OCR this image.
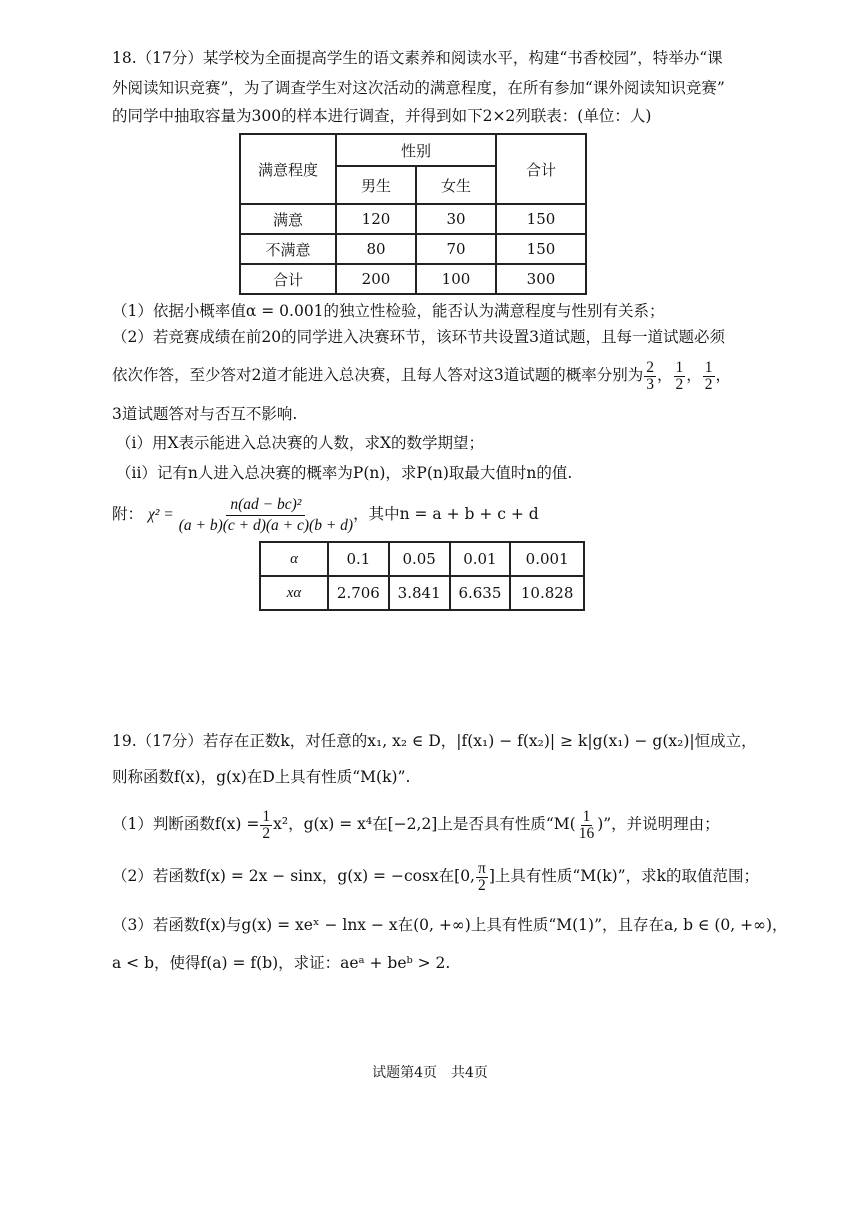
18.（17分）某学校为全面提高学生的语文素养和阅读水平，构建“书香校园”，特举办“课
外阅读知识竞赛”，为了调查学生对这次活动的满意程度，在所有参加“课外阅读知识竞赛”
的同学中抽取容量为300的样本进行调查，并得到如下2×2列联表：(单位：人)
满意程度	性别		合计
	男生	女生	
满意	120	30	150
不满意	80	70	150
合计	200	100	300
（1）依据小概率值α = 0.001的独立性检验，能否认为满意程度与性别有关系；
（2）若竞赛成绩在前20的同学进入决赛环节，该环节共设置3道试题，且每一道试题必须
依次作答，至少答对2道才能进入总决赛，且每人答对这3道试题的概率分别为 $\frac{2}{3}$ ， $\frac{1}{2}$ ， $\frac{1}{2}$ ，
3道试题答对与否互不影响.
（i）用X表示能进入总决赛的人数，求X的数学期望；
（ii）记有n人进入总决赛的概率为P(n)，求P(n)取最大值时n的值.
附： $\chi^2 = \frac{\text{n(ad − bc)²}}{(a + b)(c + d)(a + c)(b + d)}$ ，其中n = a + b + c + d
α	0.1	0.05	0.01	0.001
xα	2.706	3.841	6.635	10.828
19.（17分）若存在正数k，对任意的x₁, x₂ ∈ D，|f(x₁) − f(x₂)| ≥ k|g(x₁) − g(x₂)|恒成立，
则称函数f(x)，g(x)在D上具有性质“M(k)”.
（1）判断函数$f(x) = \frac{1}{2} x^2$，g(x) = x⁴在[−2,2]上是否具有性质“$M( \frac{1}{16}$ )”，并说明理由；
（2）若函数f(x) = 2x − sinx，g(x) = −cosx在[0, $\frac{\pi}{2}$ ]上具有性质“M(k)”，求k的取值范围；
（3）若函数f(x)与g(x) = xeˣ − lnx − x在(0, +∞)上具有性质“M(1)”，且存在a, b ∈ (0, +∞)，
a < b，使得f(a) = f(b)，求证：aeᵃ + beᵇ > 2.
试题第4页　共4页
